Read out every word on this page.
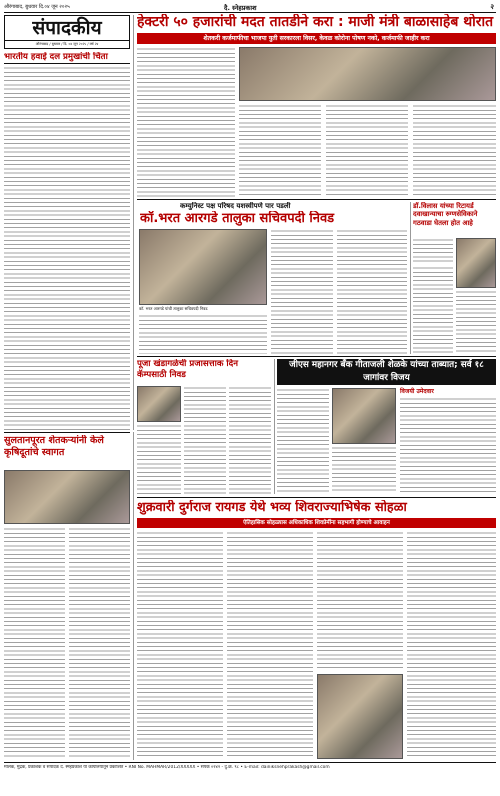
औरंगाबाद, बुधवार दि.०४ जून २०२५	दै. स्नेहप्रकाश	२
संपादकीय
औरंगाबाद / बुधवार / दि. ०४ जून २०२५ / वर्ष २४
भारतीय हवाई दल प्रमुखांची चिंता
हेक्टरी ५० हजारांची मदत तातडीने करा : माजी मंत्री बाळासाहेब थोरात
शेतकरी कर्जमाफीचा भाजपा युती सरकारला विसर, केवळ कोरोना पोषण नको, कर्जमाफी जाहीर करा
कम्युनिस्ट पक्ष परिषद यशस्वीपणे पार पडली
कॉ.भरत आरगडे तालुका सचिवपदी निवड
कॉ. भरत आरगडे यांची तालुका सचिवपदी निवड
डॉ.विलास यांच्या रिटायर्ड दवाखान्याचा रुग्णसेविकाने गठवाडा घेतला होत आहे
पूजा खंडागळेची प्रजासत्ताक दिन कॅम्पसाठी निवड
जीएस महानगर बँक गीताजली शेळके यांच्या ताब्यात; सर्व १८ जागांवर विजय
विजयी उमेदवार
सुलतानपूरत शेतकऱ्यांनी केले कृषिदूतांचे स्वागत
शुक्रवारी दुर्गराज रायगड येथे भव्य शिवराज्याभिषेक सोहळा
ऐतिहासिक सोहळ्यास अधिकाधिक शिवप्रेमींना सहभागी होण्याचे आवाहन
मालक, मुद्रक, प्रकाशक व संपादक दै. स्नेहप्रकाश या कार्यालयातून प्रकाशित • RNI No. MAHMAR/2012/XXXXX • संपर्क ०२४२ - दु.क्र. ९८ • E-mail: dainiksnehprakash@gmail.com
